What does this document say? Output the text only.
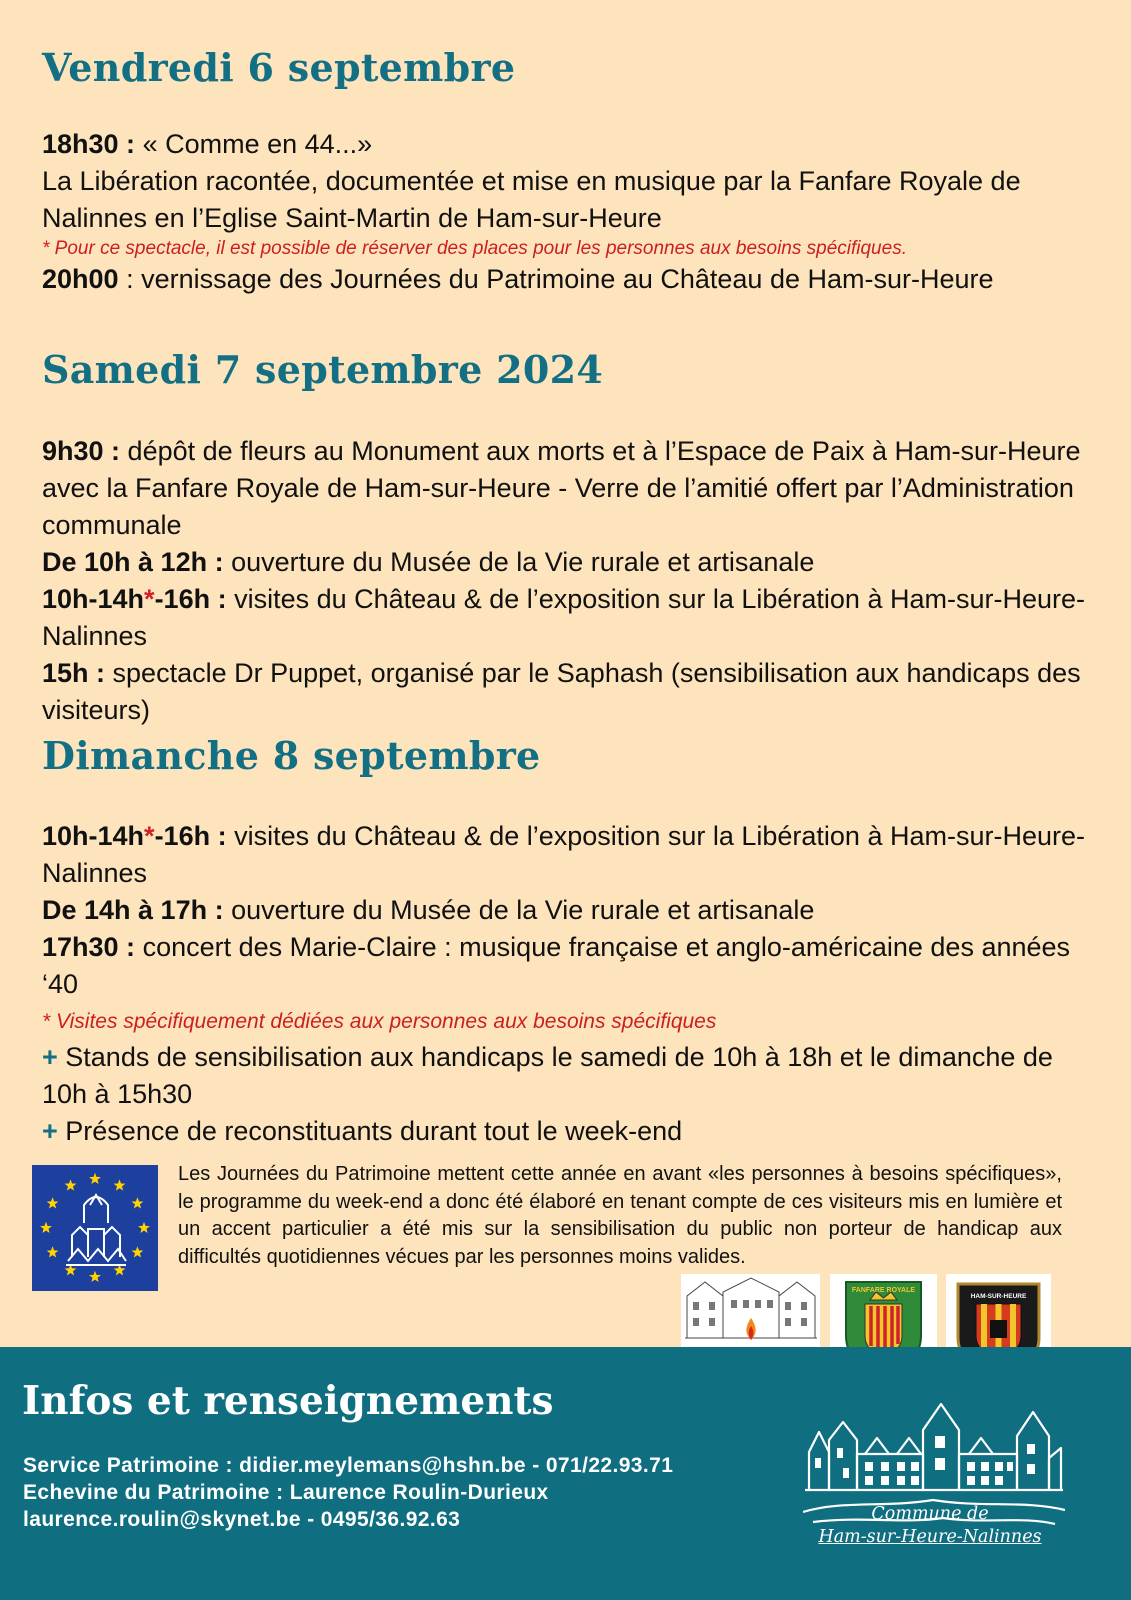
Vendredi 6 septembre

18h30 : « Comme en 44...»

La Libération racontée, documentée et mise en musique par la Fanfare Royale de Nalinnes en l’Eglise Saint-Martin de Ham-sur-Heure

* Pour ce spectacle, il est possible de réserver des places pour les personnes aux besoins spécifiques.

20h00 : vernissage des Journées du Patrimoine au Château de Ham-sur-Heure

Samedi 7 septembre 2024

9h30 : dépôt de fleurs au Monument aux morts et à l’Espace de Paix à Ham-sur-Heure avec la Fanfare Royale de Ham-sur-Heure - Verre de l’amitié offert par l’Administration communale

De 10h à 12h : ouverture du Musée de la Vie rurale et artisanale

10h-14h*-16h : visites du Château & de l’exposition sur la Libération à Ham-sur-Heure-Nalinnes

15h : spectacle Dr Puppet, organisé par le Saphash (sensibilisation aux handicaps des visiteurs)

Dimanche 8 septembre

10h-14h*-16h : visites du Château & de l’exposition sur la Libération à Ham-sur-Heure-Nalinnes

De 14h à 17h : ouverture du Musée de la Vie rurale et artisanale

17h30 : concert des Marie-Claire : musique française et anglo-américaine des années ‘40

* Visites spécifiquement dédiées aux personnes aux besoins spécifiques

+ Stands de sensibilisation aux handicaps le samedi de 10h à 18h et le dimanche de 10h à 15h30

+ Présence de reconstituants durant tout le week-end

Les Journées du Patrimoine mettent cette année en avant «les personnes à besoins spécifiques», le programme du week-end a donc été élaboré en tenant compte de ces visiteurs mis en lumière et un accent particulier a été mis sur la sensibilisation du public non porteur de handicap aux difficultés quotidiennes vécues par les personnes moins valides.

FANFARE ROYALE
HAM-SUR-HEURE
Infos et renseignements
Service Patrimoine : didier.meylemans@hshn.be - 071/22.93.71
Echevine du Patrimoine : Laurence Roulin-Durieux
laurence.roulin@skynet.be - 0495/36.92.63	Commune de
Ham-sur-Heure-Nalinnes
